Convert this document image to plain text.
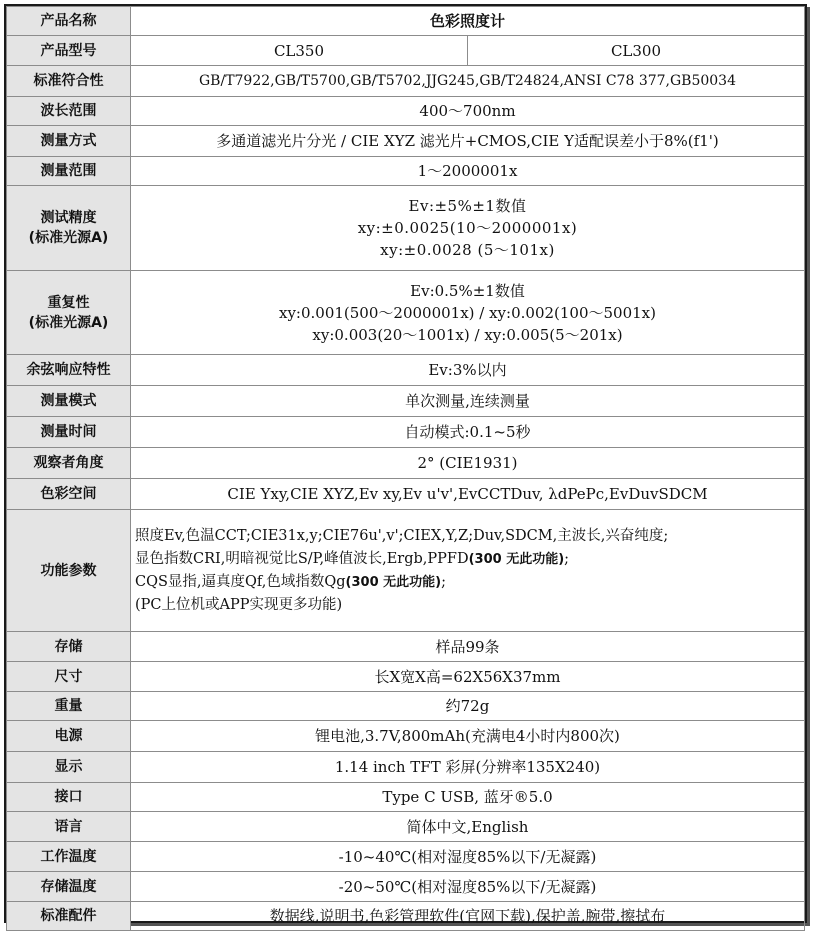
产品名称	色彩照度计	
产品型号	CL350	CL300
标准符合性	GB/T7922,GB/T5700,GB/T5702,JJG245,GB/T24824,ANSI C78 377,GB50034	
波长范围	400～700nm	
测量方式	多通道滤光片分光 / CIE XYZ 滤光片+CMOS,CIE Y适配误差小于8%(f1')	
测量范围	1～2000001x	

测试精度
(标准光源A)	Ev:±5%±1数值
xy:±0.0025(10～2000001x)
xy:±0.0028 (5～101x)	

重复性
(标准光源A)	Ev:0.5%±1数值
xy:0.001(500～2000001x) / xy:0.002(100～5001x)
xy:0.003(20～1001x) / xy:0.005(5～201x)	

余弦响应特性	Ev:3%以内	
测量模式	单次测量,连续测量	
测量时间	自动模式:0.1~5秒	
观察者角度	2° (CIE1931)	
色彩空间	CIE Yxy,CIE XYZ,Ev xy,Ev u'v',EvCCTDuv, λdPePc,EvDuvSDCM	
功能参数	照度Ev,色温CCT;CIE31x,y;CIE76u',v';CIEX,Y,Z;Duv,SDCM,主波长,兴奋纯度;
显色指数CRI,明暗视觉比S/P,峰值波长,Ergb,PPFD(300 无此功能);
CQS显指,逼真度Qf,色域指数Qg(300 无此功能);
(PC上位机或APP实现更多功能)	

存储	样品99条	
尺寸	长X宽X高=62X56X37mm	
重量	约72g	
电源	锂电池,3.7V,800mAh(充满电4小时内800次)	
显示	1.14 inch TFT 彩屏(分辨率135X240)	
接口	Type C USB, 蓝牙®5.0	
语言	简体中文,English	
工作温度	-10~40℃(相对湿度85%以下/无凝露)	
存储温度	-20~50℃(相对湿度85%以下/无凝露)	
标准配件	数据线,说明书,色彩管理软件(官网下载),保护盖,腕带,擦拭布	
